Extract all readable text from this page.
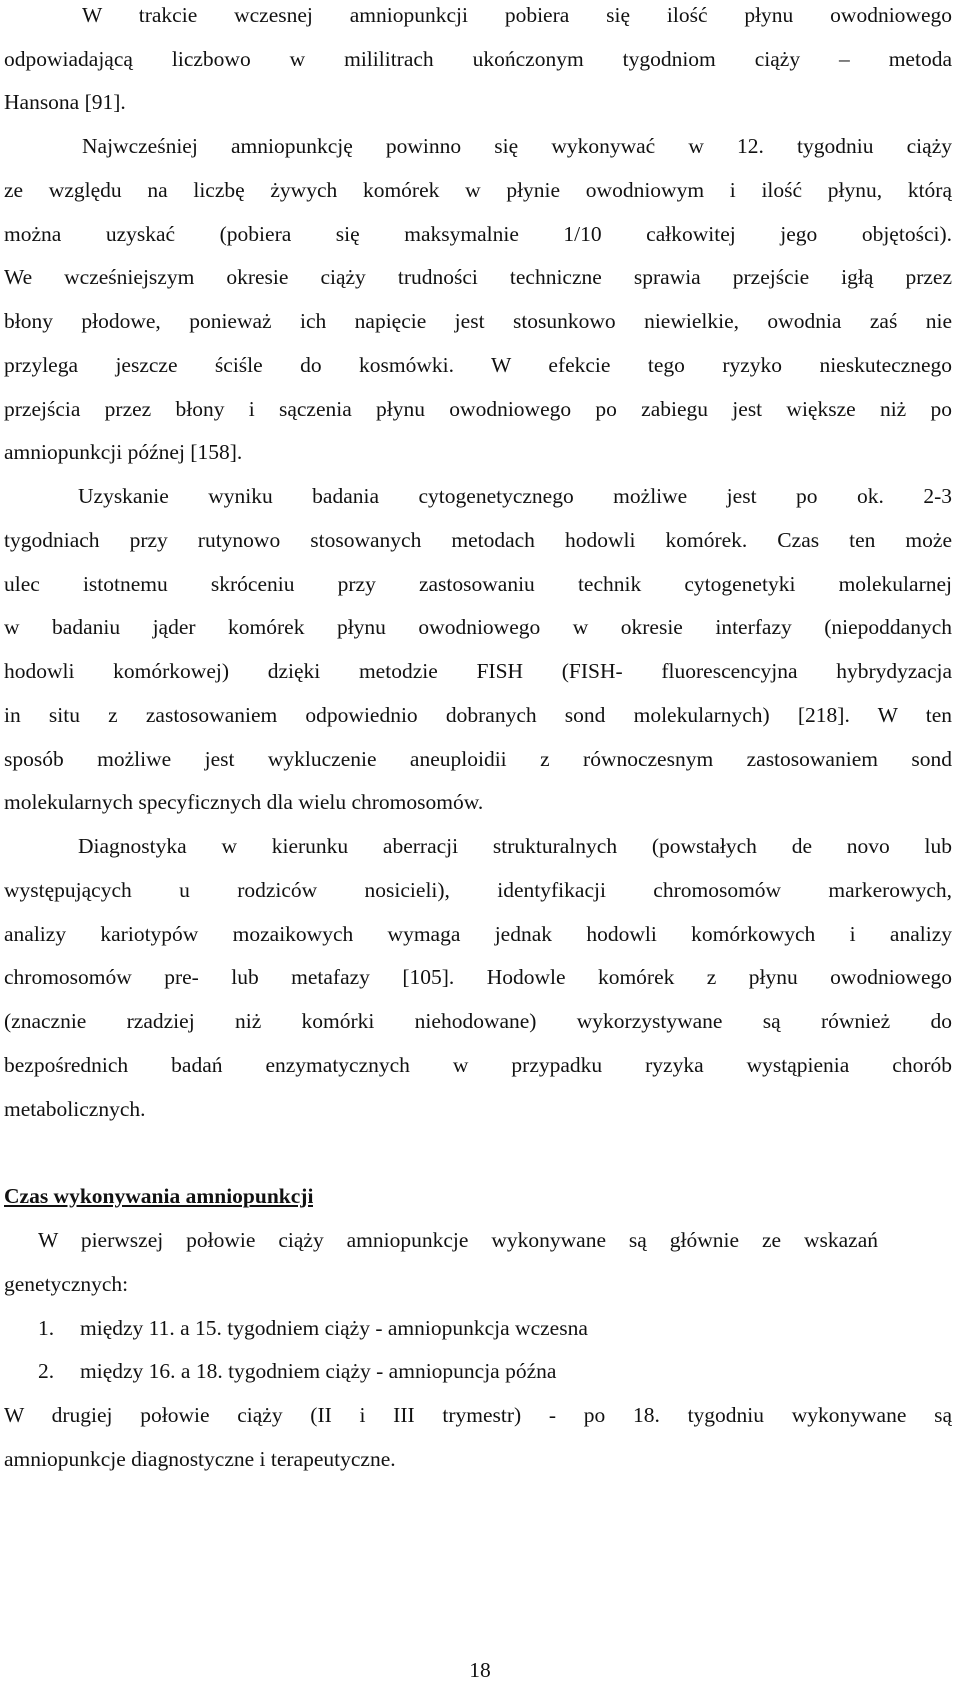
W trakcie wczesnej amniopunkcji pobiera się ilość płynu owodniowego
odpowiadającą liczbowo w mililitrach ukończonym tygodniom ciąży – metoda
Hansona [91].
Najwcześniej amniopunkcję powinno się wykonywać w 12. tygodniu ciąży
ze względu na liczbę żywych komórek w płynie owodniowym i ilość płynu, którą
można uzyskać (pobiera się maksymalnie 1/10 całkowitej jego objętości).
We wcześniejszym okresie ciąży trudności techniczne sprawia przejście igłą przez
błony płodowe, ponieważ ich napięcie jest stosunkowo niewielkie, owodnia zaś nie
przylega jeszcze ściśle do kosmówki. W efekcie tego ryzyko nieskutecznego
przejścia przez błony i sączenia płynu owodniowego po zabiegu jest większe niż po
amniopunkcji późnej [158].
Uzyskanie wyniku badania cytogenetycznego możliwe jest po ok. 2-3
tygodniach przy rutynowo stosowanych metodach hodowli komórek. Czas ten może
ulec istotnemu skróceniu przy zastosowaniu technik cytogenetyki molekularnej
w badaniu jąder komórek płynu owodniowego w okresie interfazy (niepoddanych
hodowli komórkowej) dzięki metodzie FISH (FISH- fluorescencyjna hybrydyzacja
in situ z zastosowaniem odpowiednio dobranych sond molekularnych) [218]. W ten
sposób możliwe jest wykluczenie aneuploidii z równoczesnym zastosowaniem sond
molekularnych specyficznych dla wielu chromosomów.
Diagnostyka w kierunku aberracji strukturalnych (powstałych de novo lub
występujących u rodziców nosicieli), identyfikacji chromosomów markerowych,
analizy kariotypów mozaikowych wymaga jednak hodowli komórkowych i analizy
chromosomów pre- lub metafazy [105]. Hodowle komórek z płynu owodniowego
(znacznie rzadziej niż komórki niehodowane) wykorzystywane są również do
bezpośrednich badań enzymatycznych w przypadku ryzyka wystąpienia chorób
metabolicznych.
Czas wykonywania amniopunkcji
W pierwszej połowie ciąży amniopunkcje wykonywane są głównie ze wskazań
genetycznych:
1. między 11. a 15. tygodniem ciąży - amniopunkcja wczesna
2. między 16. a 18. tygodniem ciąży - amniopuncja późna
W drugiej połowie ciąży (II i III trymestr) - po 18. tygodniu wykonywane są
amniopunkcje diagnostyczne i terapeutyczne.
18
